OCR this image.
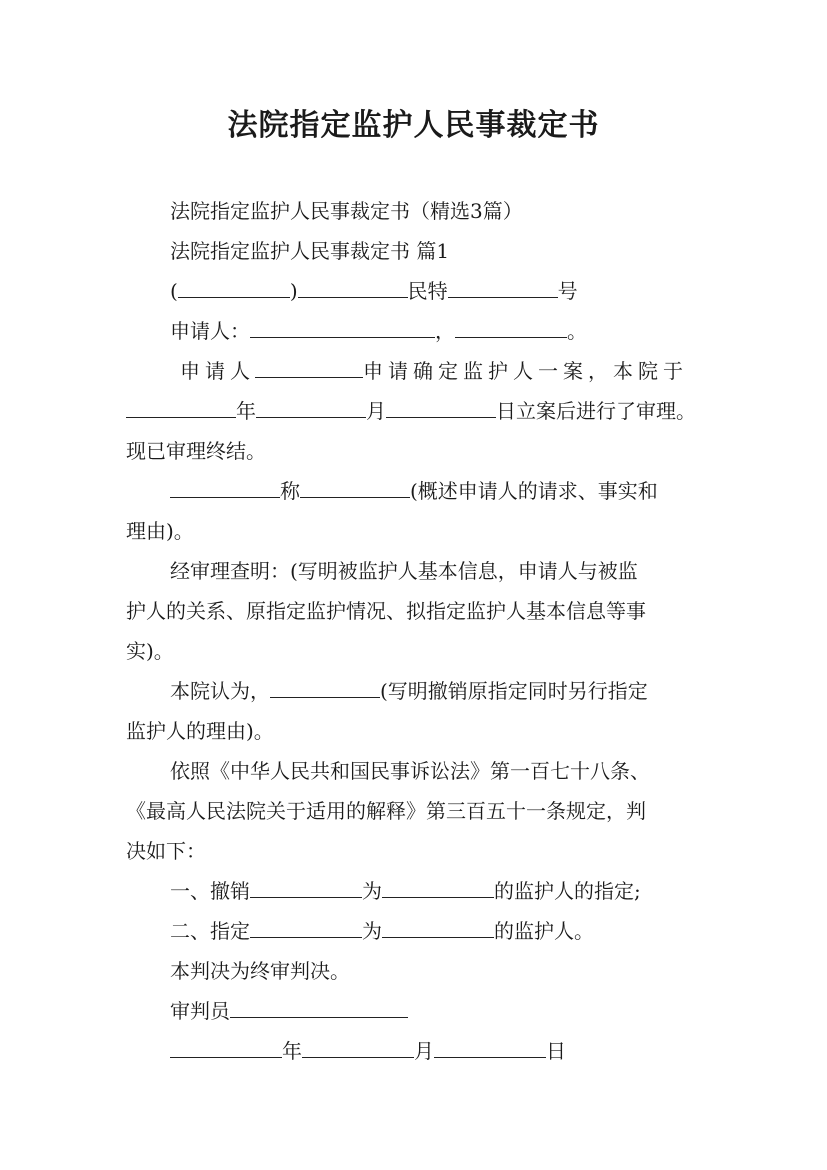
法院指定监护人民事裁定书
法院指定监护人民事裁定书（精选3篇）
法院指定监护人民事裁定书 篇1
(	)	民特	号
申请人：	，	。
申请人	申请确定监护人一案，本院于
年	月	日立案后进行了审理。
现已审理终结。
称	(概述申请人的请求、事实和
理由)。
经审理查明：(写明被监护人基本信息，申请人与被监
护人的关系、原指定监护情况、拟指定监护人基本信息等事
实)。
本院认为，	(写明撤销原指定同时另行指定
监护人的理由)。
依照《中华人民共和国民事诉讼法》第一百七十八条、
《最高人民法院关于适用的解释》第三百五十一条规定，判
决如下：
一、撤销	为	的监护人的指定;
二、指定	为	的监护人。
本判决为终审判决。
审判员
年	月	日
